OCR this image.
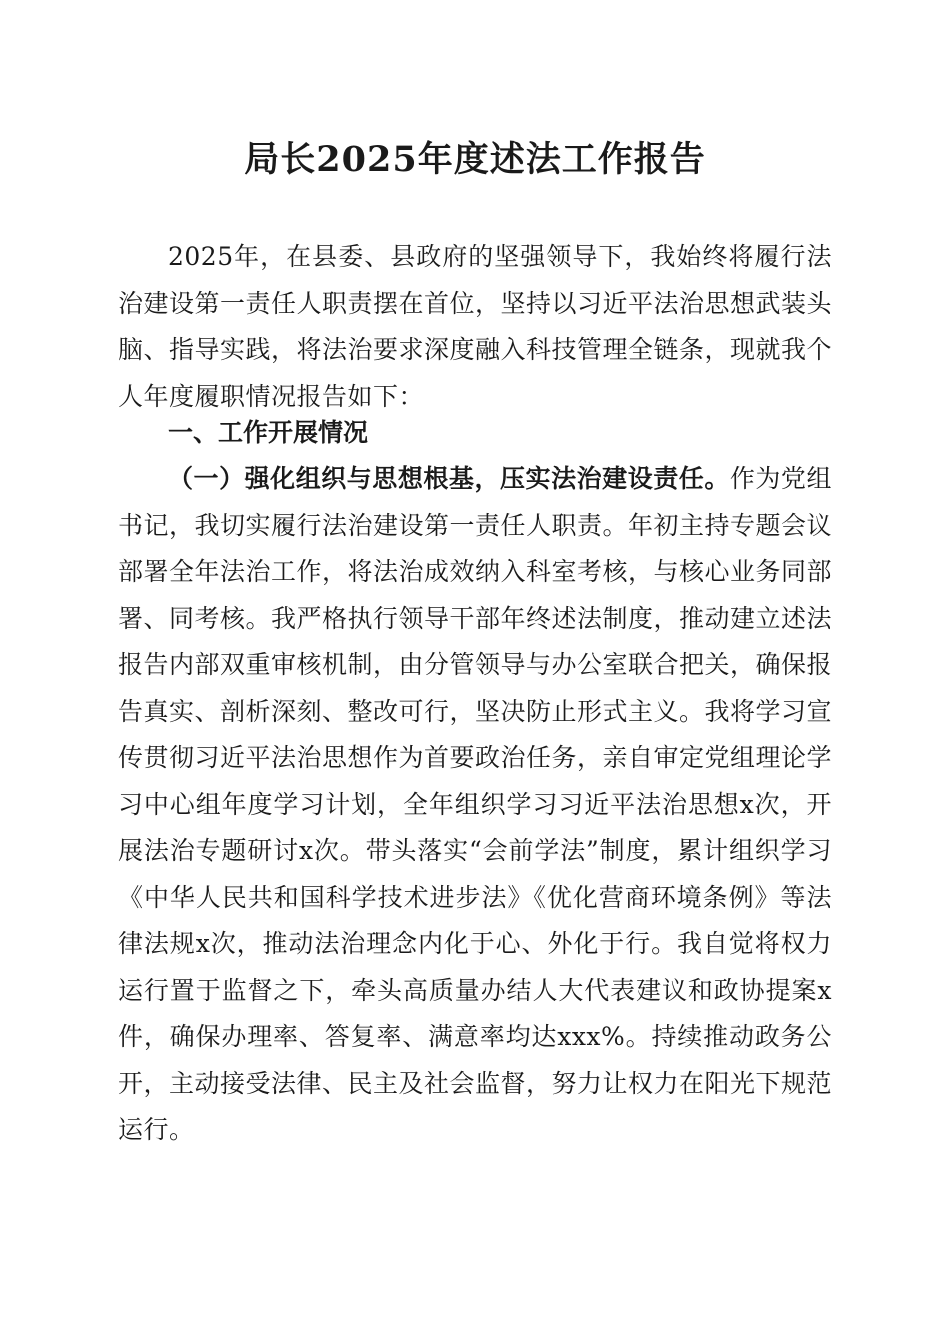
局长2025年度述法工作报告

2025年，在县委、县政府的坚强领导下，我始终将履行法治建设第一责任人职责摆在首位，坚持以习近平法治思想武装头脑、指导实践，将法治要求深度融入科技管理全链条，现就我个人年度履职情况报告如下：

一、工作开展情况

（一）强化组织与思想根基，压实法治建设责任。作为党组书记，我切实履行法治建设第一责任人职责。年初主持专题会议部署全年法治工作，将法治成效纳入科室考核，与核心业务同部署、同考核。我严格执行领导干部年终述法制度，推动建立述法报告内部双重审核机制，由分管领导与办公室联合把关，确保报告真实、剖析深刻、整改可行，坚决防止形式主义。我将学习宣传贯彻习近平法治思想作为首要政治任务，亲自审定党组理论学习中心组年度学习计划，全年组织学习习近平法治思想x次，开展法治专题研讨x次。带头落实“会前学法”制度，累计组织学习《中华人民共和国科学技术进步法》《优化营商环境条例》等法律法规x次，推动法治理念内化于心、外化于行。我自觉将权力运行置于监督之下，牵头高质量办结人大代表建议和政协提案x件，确保办理率、答复率、满意率均达xxx%。持续推动政务公开，主动接受法律、民主及社会监督，努力让权力在阳光下规范运行。
